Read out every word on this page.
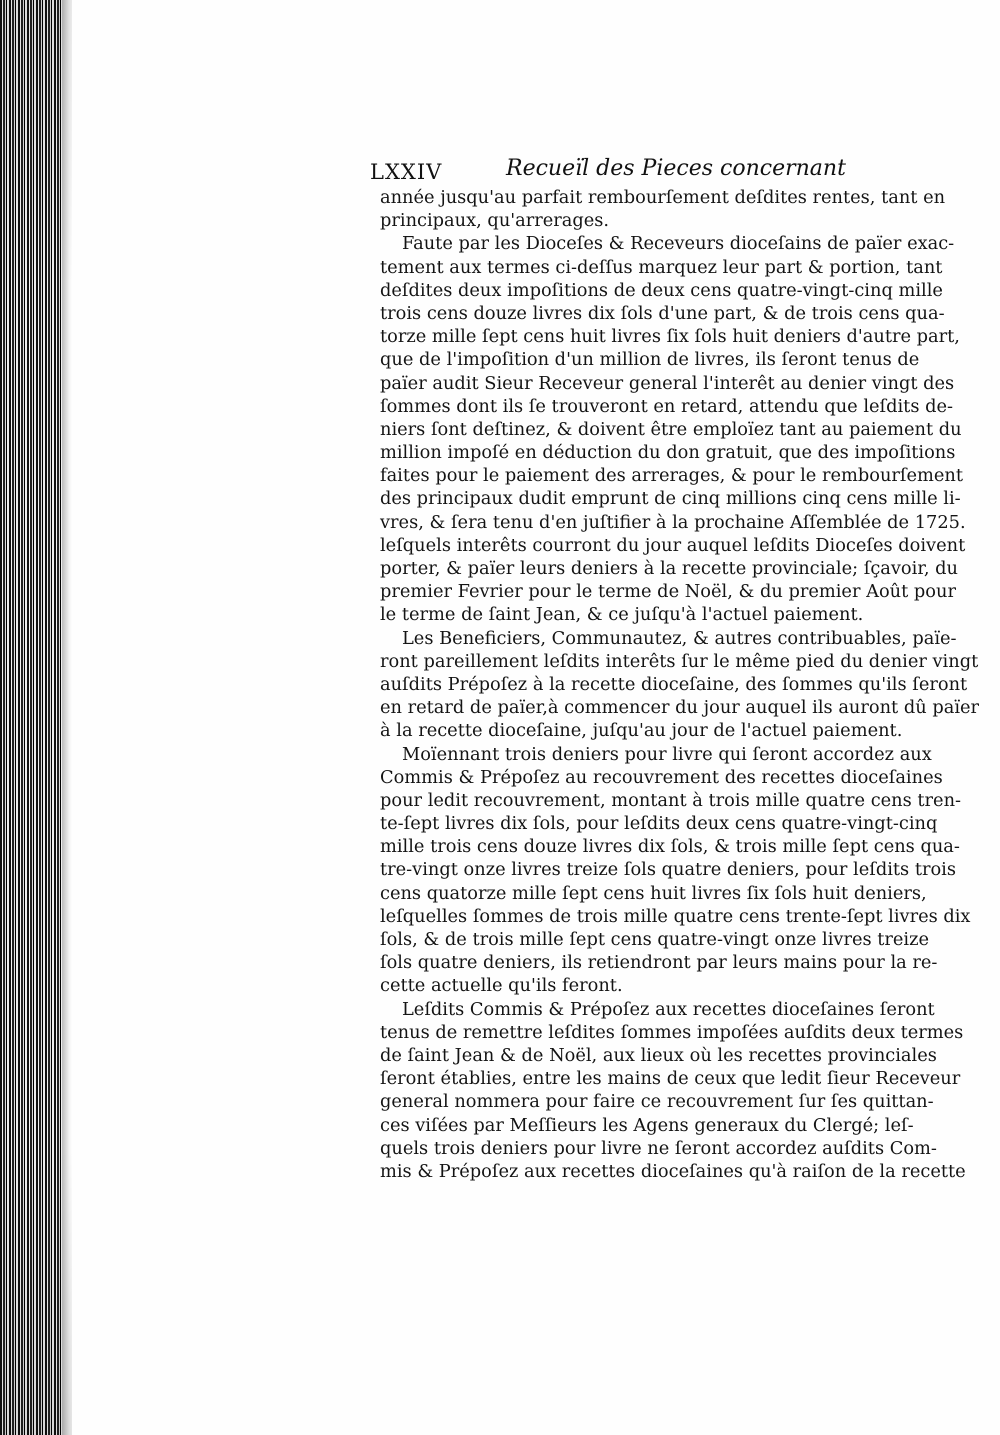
LXXIV	Recueïl des Pieces concernant
année jusqu'au parfait rembourſement deſdites rentes, tant en
principaux, qu'arrerages.
Faute par les Dioceſes & Receveurs dioceſains de païer exac-
tement aux termes ci-deſſus marquez leur part & portion, tant
deſdites deux impoſitions de deux cens quatre-vingt-cinq mille
trois cens douze livres dix ſols d'une part, & de trois cens qua-
torze mille ſept cens huit livres ſix ſols huit deniers d'autre part,
que de l'impoſition d'un million de livres, ils ſeront tenus de
païer audit Sieur Receveur general l'interêt au denier vingt des
ſommes dont ils ſe trouveront en retard, attendu que leſdits de-
niers ſont deſtinez, & doivent être emploïez tant au paiement du
million impoſé en déduction du don gratuit, que des impoſitions
faites pour le paiement des arrerages, & pour le rembourſement
des principaux dudit emprunt de cinq millions cinq cens mille li-
vres, & ſera tenu d'en juſtifier à la prochaine Aſſemblée de 1725.
leſquels interêts courront du jour auquel leſdits Dioceſes doivent
porter, & païer leurs deniers à la recette provinciale; ſçavoir, du
premier Fevrier pour le terme de Noël, & du premier Août pour
le terme de ſaint Jean, & ce juſqu'à l'actuel paiement.
Les Beneficiers, Communautez, & autres contribuables, païe-
ront pareillement leſdits interêts ſur le même pied du denier vingt
auſdits Prépoſez à la recette dioceſaine, des ſommes qu'ils ſeront
en retard de païer,à commencer du jour auquel ils auront dû païer
à la recette dioceſaine, juſqu'au jour de l'actuel paiement.
Moïennant trois deniers pour livre qui ſeront accordez aux
Commis & Prépoſez au recouvrement des recettes dioceſaines
pour ledit recouvrement, montant à trois mille quatre cens tren-
te-ſept livres dix ſols, pour leſdits deux cens quatre-vingt-cinq
mille trois cens douze livres dix ſols, & trois mille ſept cens qua-
tre-vingt onze livres treize ſols quatre deniers, pour leſdits trois
cens quatorze mille ſept cens huit livres ſix ſols huit deniers,
leſquelles ſommes de trois mille quatre cens trente-ſept livres dix
ſols, & de trois mille ſept cens quatre-vingt onze livres treize
ſols quatre deniers, ils retiendront par leurs mains pour la re-
cette actuelle qu'ils feront.
Leſdits Commis & Prépoſez aux recettes dioceſaines ſeront
tenus de remettre leſdites ſommes impoſées auſdits deux termes
de ſaint Jean & de Noël, aux lieux où les recettes provinciales
ſeront établies, entre les mains de ceux que ledit ſieur Receveur
general nommera pour faire ce recouvrement ſur ſes quittan-
ces viſées par Meſſieurs les Agens generaux du Clergé; leſ-
quels trois deniers pour livre ne ſeront accordez auſdits Com-
mis & Prépoſez aux recettes dioceſaines qu'à raiſon de la recette
